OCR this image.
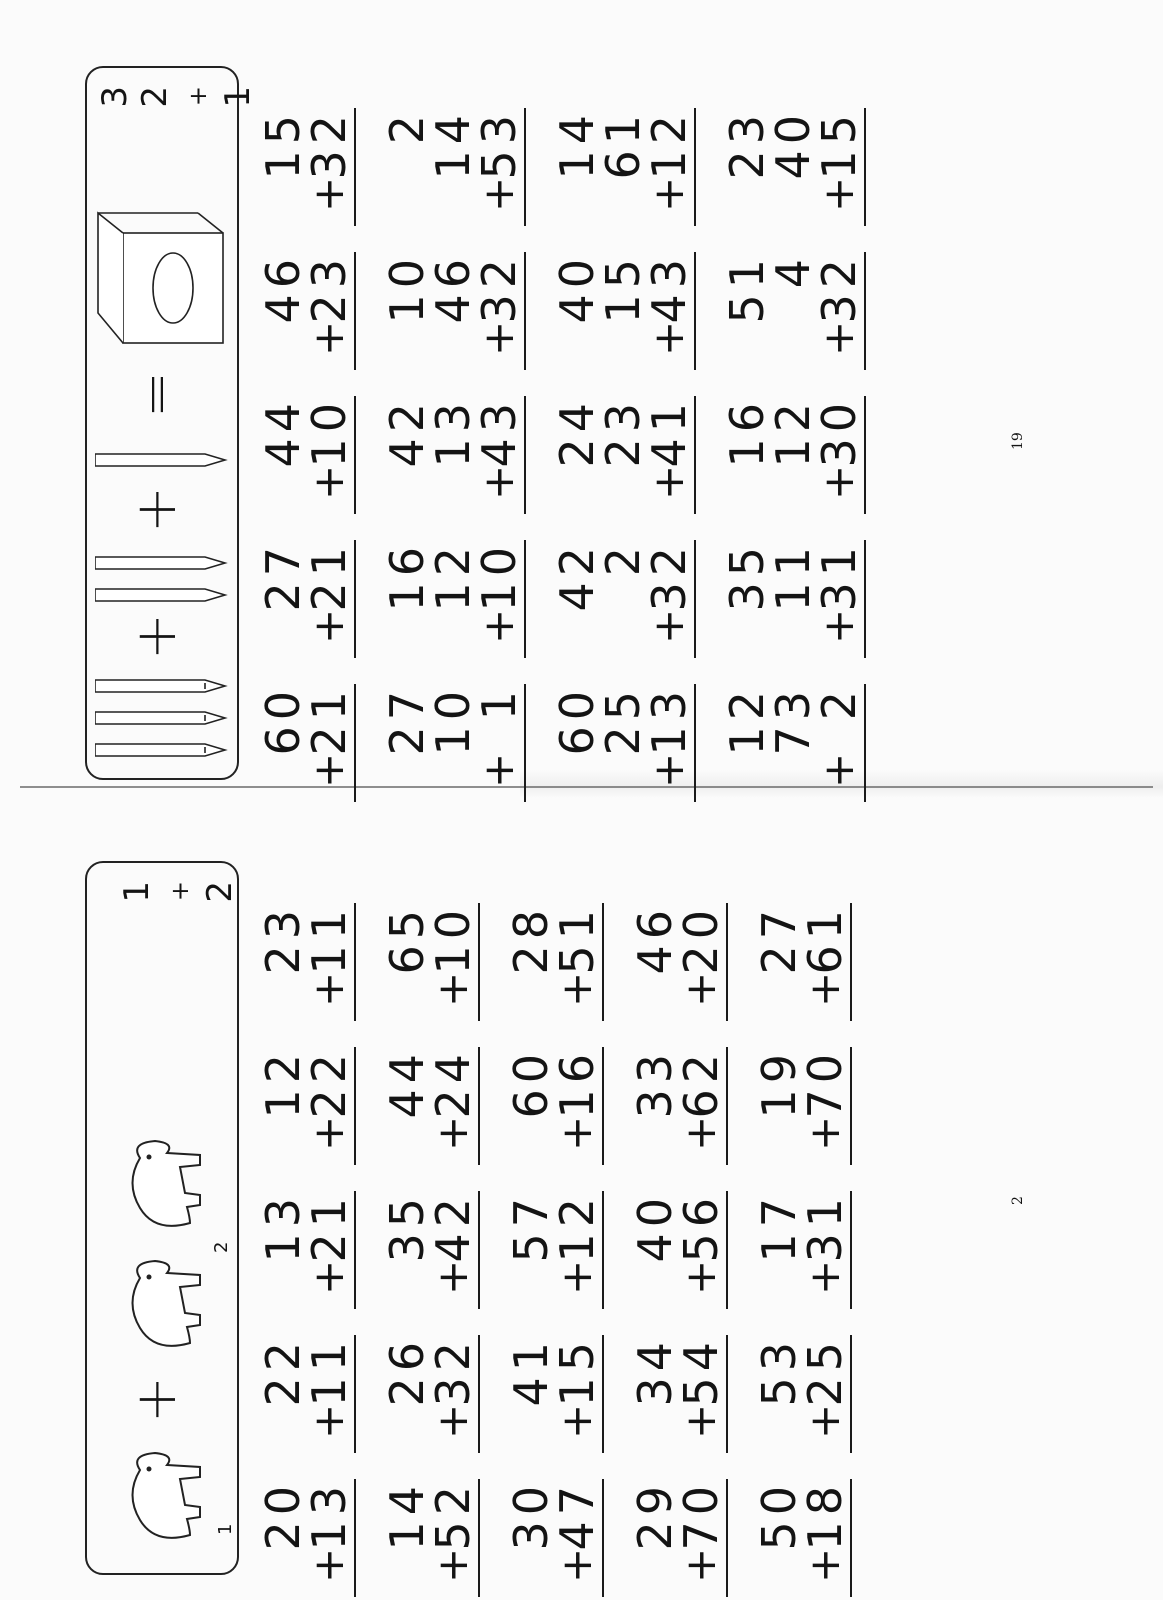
+
+
=
3 2 + 1
60
21
+
27
21
+
44
10
+
46
23
+
15
32
+
27
10
1
+
16
12
10
+
42
13
43
+
10
46
32
+
2
14
53
+
60
25
13
+
42
2
32
+
24
23
41
+
40
15
43
+
14
61
12
+
12
73
2
+
35
11
31
+
16
12
30
+
51
4
32
+
23
40
15
+
19
+
1
2
1 + 2
20
13
+
22
11
+
13
21
+
12
22
+
23
11
+
14
52
+
26
32
+
35
42
+
44
24
+
65
10
+
30
47
+
41
15
+
57
12
+
60
16
+
28
51
+
29
70
+
34
54
+
40
56
+
33
62
+
46
20
+
50
18
+
53
25
+
17
31
+
19
70
+
27
61
+
2
